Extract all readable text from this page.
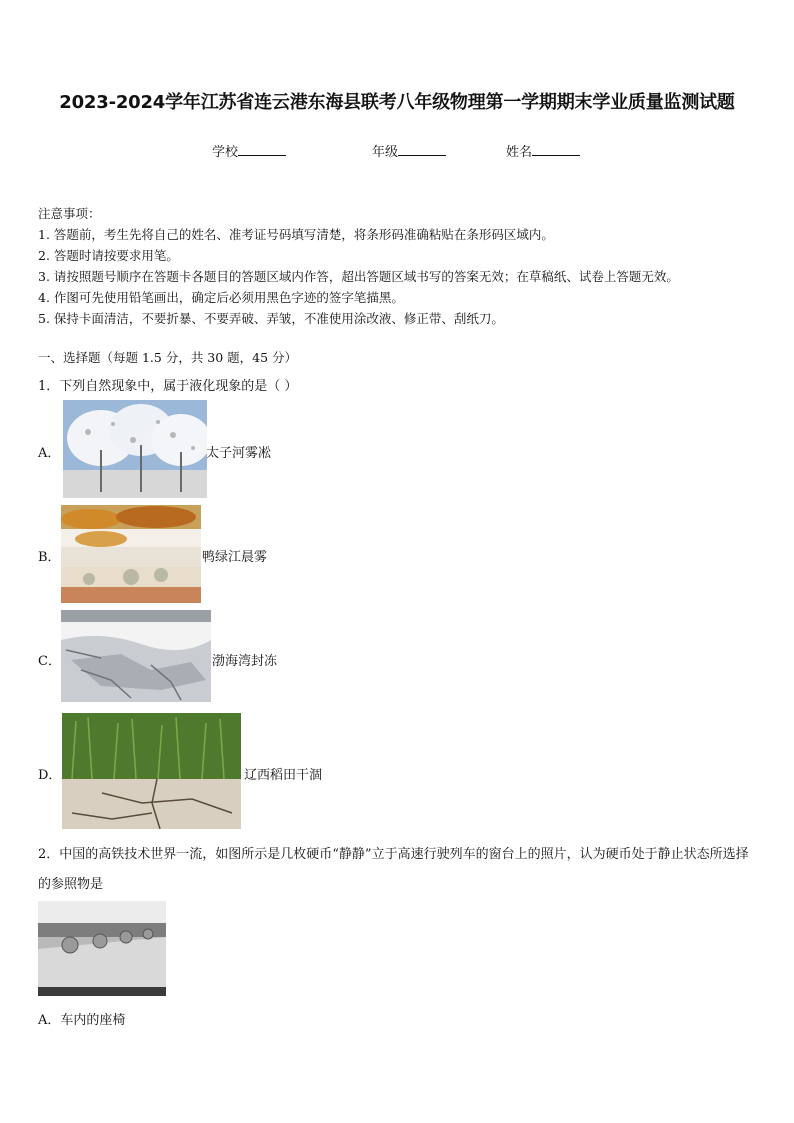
2023-2024学年江苏省连云港东海县联考八年级物理第一学期期末学业质量监测试题
学校	年级	姓名
注意事项：
1. 答题前，考生先将自己的姓名、准考证号码填写清楚，将条形码准确粘贴在条形码区域内。
2. 答题时请按要求用笔。
3. 请按照题号顺序在答题卡各题目的答题区域内作答，超出答题区域书写的答案无效；在草稿纸、试卷上答题无效。
4. 作图可先使用铅笔画出，确定后必须用黑色字迹的签字笔描黑。
5. 保持卡面清洁，不要折暴、不要弄破、弄皱，不准使用涂改液、修正带、刮纸刀。
一、选择题（每题 1.5 分，共 30 题，45 分）
1．下列自然现象中，属于液化现象的是（ ）
A．	太子河雾凇
B．	鸭绿江晨雾
C．	渤海湾封冻
D．	辽西稻田干涸
2．中国的高铁技术世界一流，如图所示是几枚硬币“静静”立于高速行驶列车的窗台上的照片，认为硬币处于静止状态所选择的参照物是
A．车内的座椅
